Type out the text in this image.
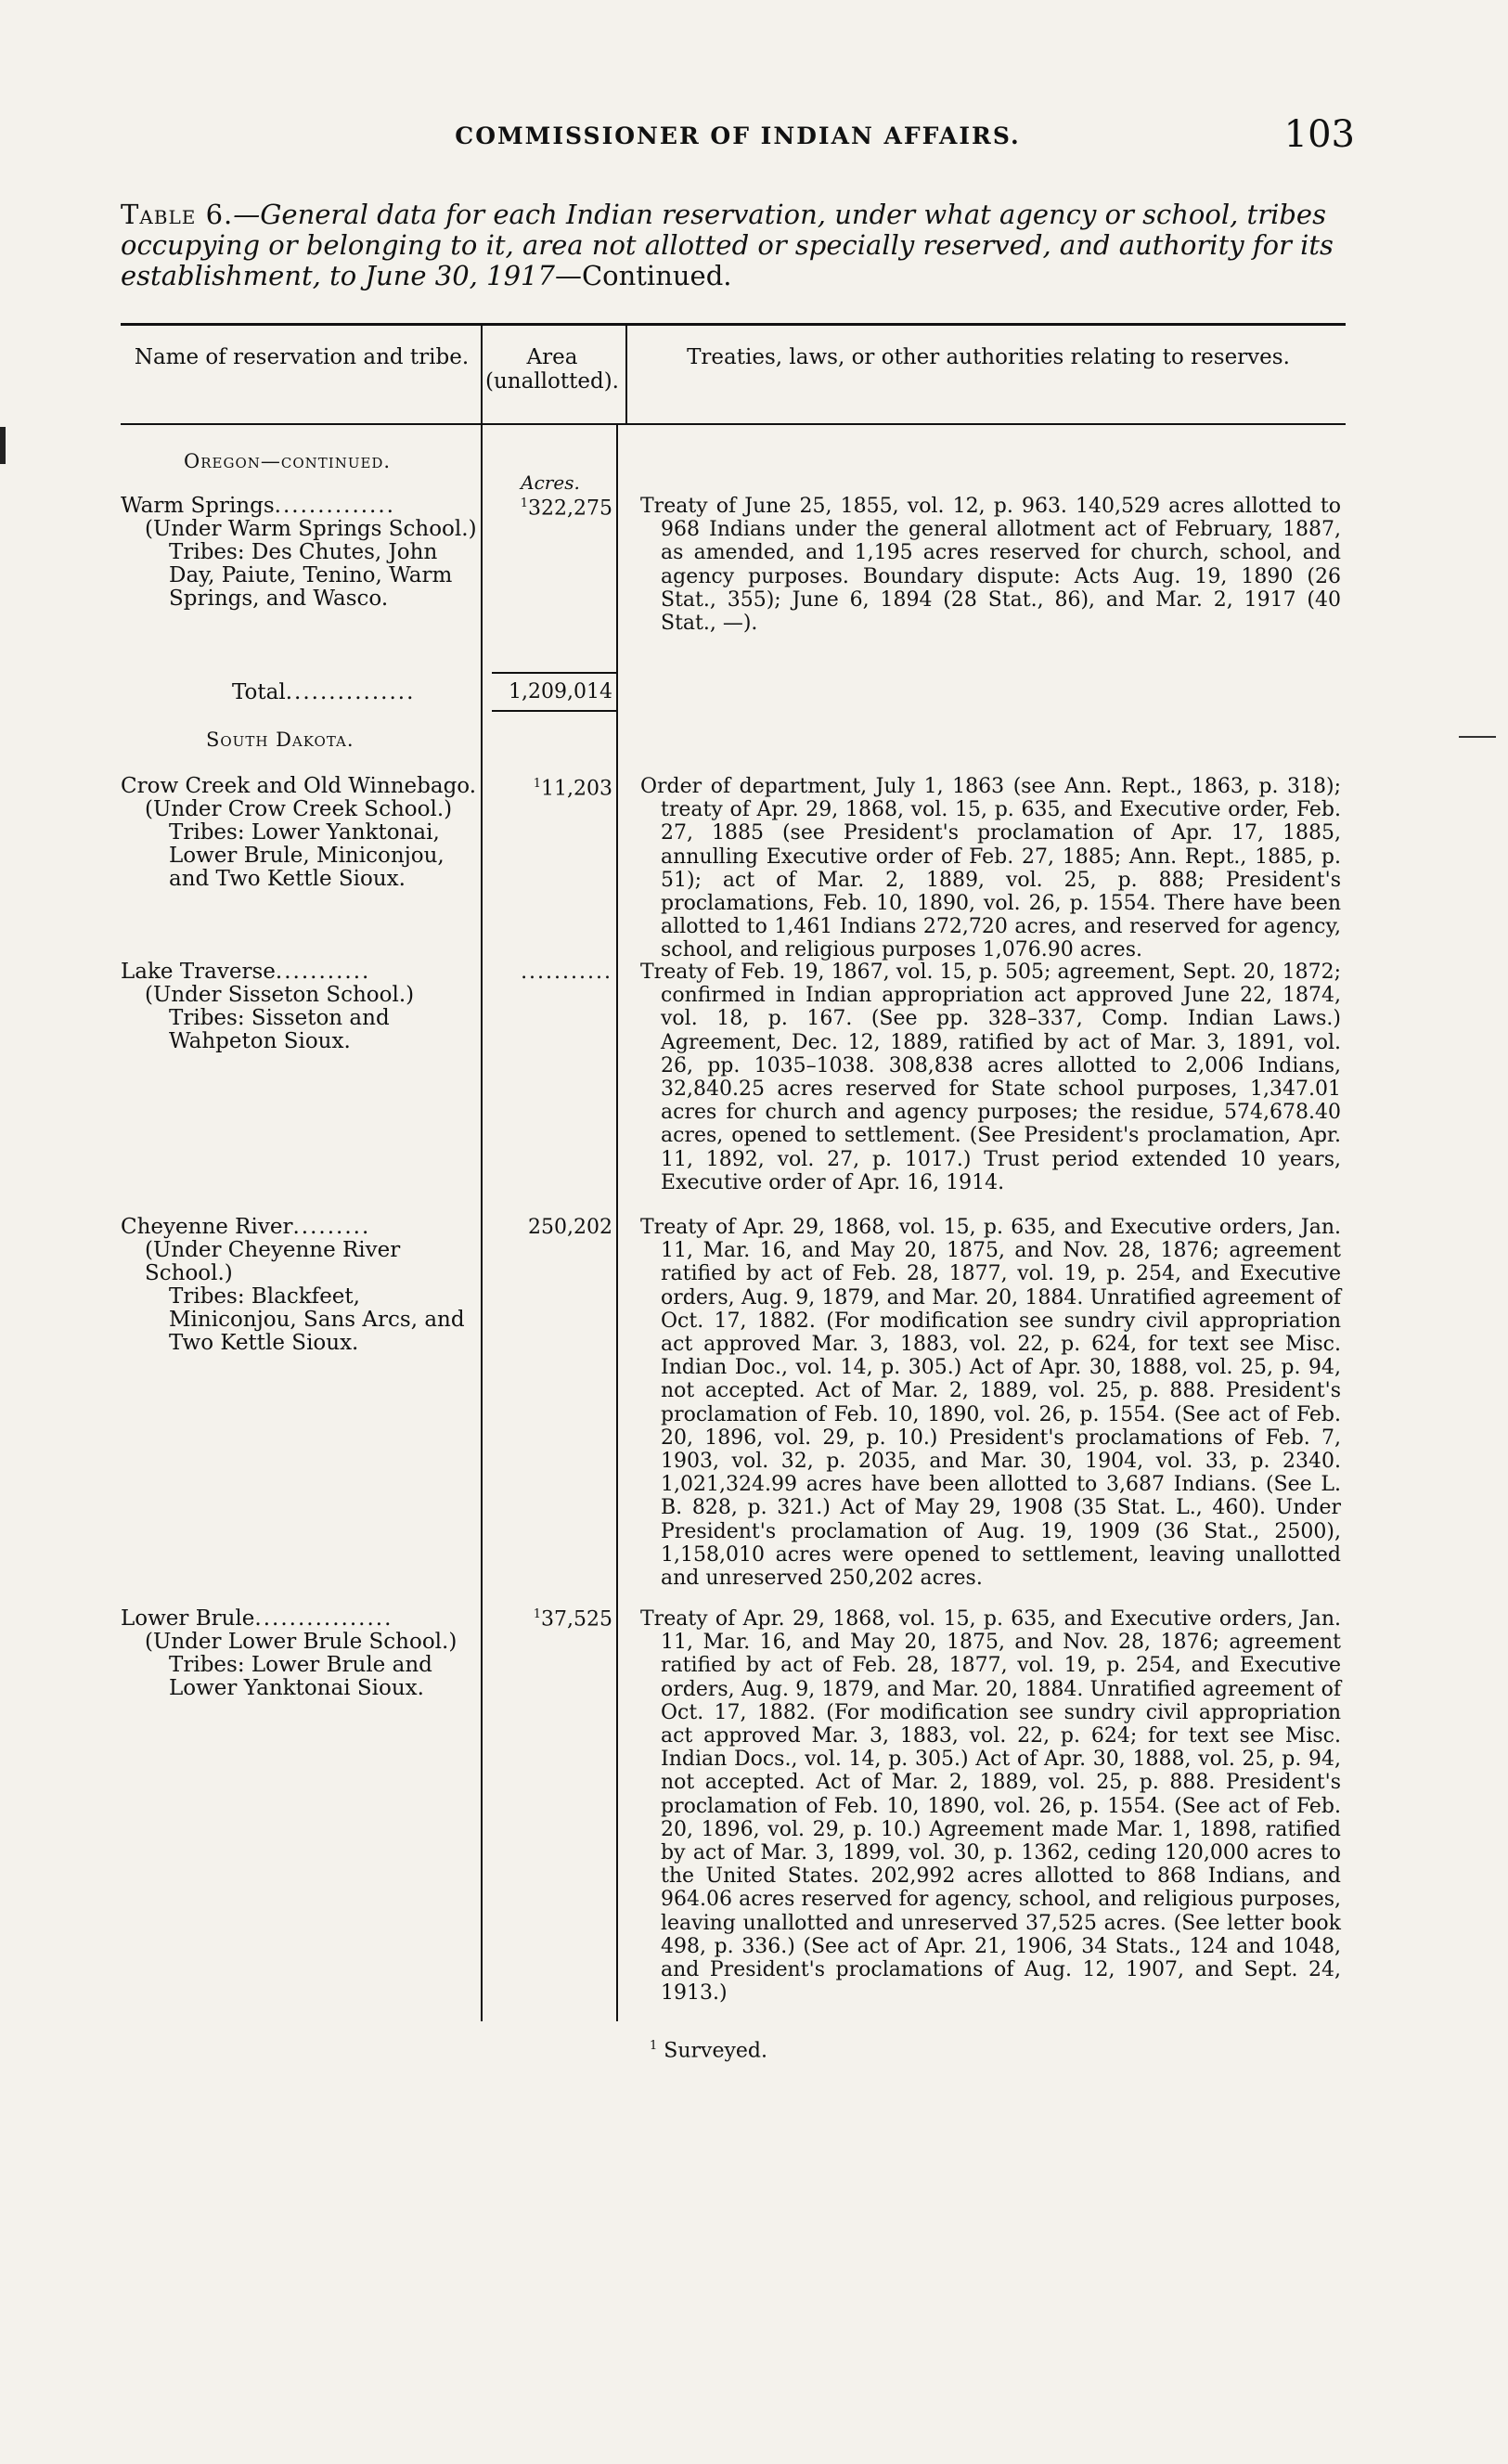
COMMISSIONER OF INDIAN AFFAIRS.	103
Table 6.—General data for each Indian reservation, under what agency or school, tribes occupying or belonging to it, area not allotted or specially reserved, and authority for its establishment, to June 30, 1917—Continued.
Name of reservation and tribe.	Area (unallotted).
Treaties, laws, or other authorities relating to reserves.
Oregon—continued.
Acres.
Warm Springs..............
(Under Warm Springs School.)
Tribes: Des Chutes, John Day, Paiute, Tenino, Warm Springs, and Wasco.
$^1$322,275 Treaty of June 25, 1855, vol. 12, p. 963. 140,529 acres allotted to 968 Indians under the general allotment act of February, 1887, as amended, and 1,195 acres reserved for church, school, and agency purposes. Boundary dispute: Acts Aug. 19, 1890 (26 Stat., 355); June 6, 1894 (28 Stat., 86), and Mar. 2, 1917 (40 Stat., —).
Total...............	1,209,014
South Dakota.
Crow Creek and Old Winnebago.
(Under Crow Creek School.)
Tribes: Lower Yanktonai, Lower Brule, Miniconjou, and Two Kettle Sioux.
$^1$11,203 Order of department, July 1, 1863 (see Ann. Rept., 1863, p. 318); treaty of Apr. 29, 1868, vol. 15, p. 635, and Executive order, Feb. 27, 1885 (see President's proclamation of Apr. 17, 1885, annulling Executive order of Feb. 27, 1885; Ann. Rept., 1885, p. 51); act of Mar. 2, 1889, vol. 25, p. 888; President's proclamations, Feb. 10, 1890, vol. 26, p. 1554. There have been allotted to 1,461 Indians 272,720 acres, and reserved for agency, school, and religious purposes 1,076.90 acres.
Lake Traverse...........
(Under Sisseton School.)
Tribes: Sisseton and Wahpeton Sioux.
........... Treaty of Feb. 19, 1867, vol. 15, p. 505; agreement, Sept. 20, 1872; confirmed in Indian appropriation act approved June 22, 1874, vol. 18, p. 167. (See pp. 328–337, Comp. Indian Laws.) Agreement, Dec. 12, 1889, ratified by act of Mar. 3, 1891, vol. 26, pp. 1035–1038. 308,838 acres allotted to 2,006 Indians, 32,840.25 acres reserved for State school purposes, 1,347.01 acres for church and agency purposes; the residue, 574,678.40 acres, opened to settlement. (See President's proclamation, Apr. 11, 1892, vol. 27, p. 1017.) Trust period extended 10 years, Executive order of Apr. 16, 1914.
Cheyenne River.........
(Under Cheyenne River School.)
Tribes: Blackfeet, Miniconjou, Sans Arcs, and Two Kettle Sioux.
250,202 Treaty of Apr. 29, 1868, vol. 15, p. 635, and Executive orders, Jan. 11, Mar. 16, and May 20, 1875, and Nov. 28, 1876; agreement ratified by act of Feb. 28, 1877, vol. 19, p. 254, and Executive orders, Aug. 9, 1879, and Mar. 20, 1884. Unratified agreement of Oct. 17, 1882. (For modification see sundry civil appropriation act approved Mar. 3, 1883, vol. 22, p. 624, for text see Misc. Indian Doc., vol. 14, p. 305.) Act of Apr. 30, 1888, vol. 25, p. 94, not accepted. Act of Mar. 2, 1889, vol. 25, p. 888. President's proclamation of Feb. 10, 1890, vol. 26, p. 1554. (See act of Feb. 20, 1896, vol. 29, p. 10.) President's proclamations of Feb. 7, 1903, vol. 32, p. 2035, and Mar. 30, 1904, vol. 33, p. 2340. 1,021,324.99 acres have been allotted to 3,687 Indians. (See L. B. 828, p. 321.) Act of May 29, 1908 (35 Stat. L., 460). Under President's proclamation of Aug. 19, 1909 (36 Stat., 2500), 1,158,010 acres were opened to settlement, leaving unallotted and unreserved 250,202 acres.
Lower Brule................
(Under Lower Brule School.)
Tribes: Lower Brule and Lower Yanktonai Sioux.
$^1$37,525 Treaty of Apr. 29, 1868, vol. 15, p. 635, and Executive orders, Jan. 11, Mar. 16, and May 20, 1875, and Nov. 28, 1876; agreement ratified by act of Feb. 28, 1877, vol. 19, p. 254, and Executive orders, Aug. 9, 1879, and Mar. 20, 1884. Unratified agreement of Oct. 17, 1882. (For modification see sundry civil appropriation act approved Mar. 3, 1883, vol. 22, p. 624; for text see Misc. Indian Docs., vol. 14, p. 305.) Act of Apr. 30, 1888, vol. 25, p. 94, not accepted. Act of Mar. 2, 1889, vol. 25, p. 888. President's proclamation of Feb. 10, 1890, vol. 26, p. 1554. (See act of Feb. 20, 1896, vol. 29, p. 10.) Agreement made Mar. 1, 1898, ratified by act of Mar. 3, 1899, vol. 30, p. 1362, ceding 120,000 acres to the United States. 202,992 acres allotted to 868 Indians, and 964.06 acres reserved for agency, school, and religious purposes, leaving unallotted and unreserved 37,525 acres. (See letter book 498, p. 336.) (See act of Apr. 21, 1906, 34 Stats., 124 and 1048, and President's proclamations of Aug. 12, 1907, and Sept. 24, 1913.)
$^1$ Surveyed.
